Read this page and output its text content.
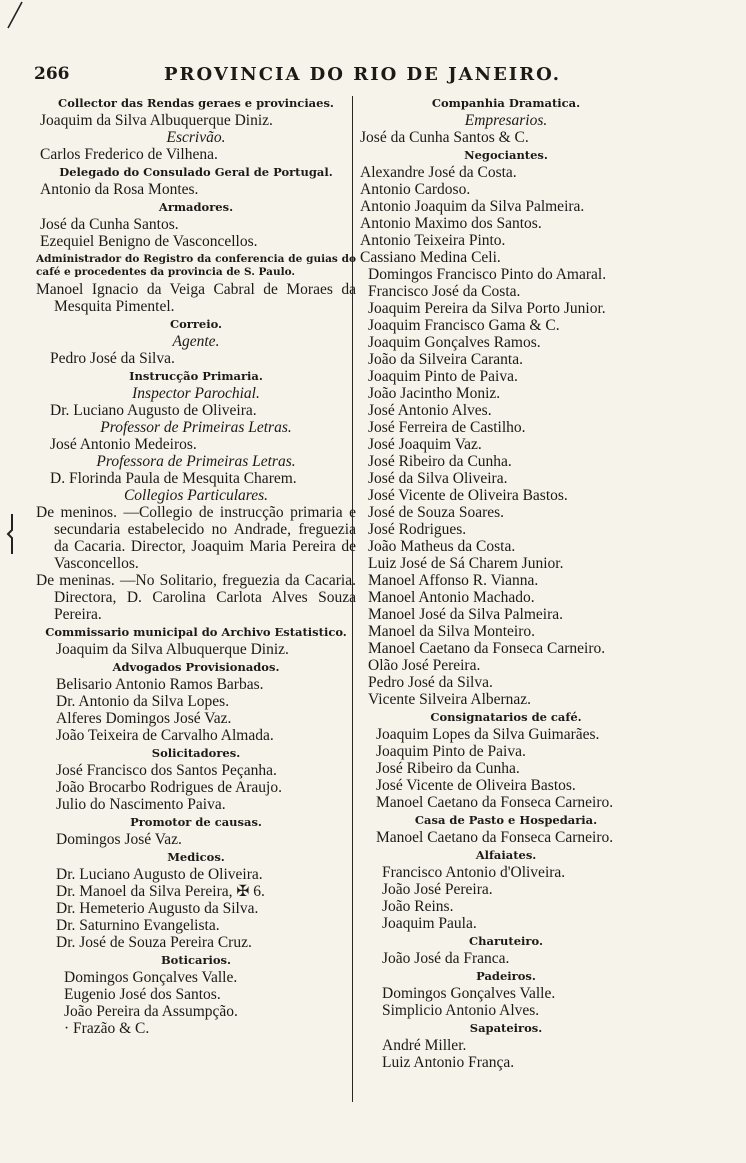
266	PROVINCIA DO RIO DE JANEIRO.
Collector das Rendas geraes e provinciaes.
Joaquim da Silva Albuquerque Diniz.
Escrivão.
Carlos Frederico de Vilhena.
Delegado do Consulado Geral de Portugal.
Antonio da Rosa Montes.
Armadores.
José da Cunha Santos.
Ezequiel Benigno de Vasconcellos.
Administrador do Registro da conferencia de guias do café e procedentes da provincia de S. Paulo.
Manoel Ignacio da Veiga Cabral de Moraes da Mesquita Pimentel.
Correio.
Agente.
Pedro José da Silva.
Instrucção Primaria.
Inspector Parochial.
Dr. Luciano Augusto de Oliveira.
Professor de Primeiras Letras.
José Antonio Medeiros.
Professora de Primeiras Letras.
D. Florinda Paula de Mesquita Charem.
Collegios Particulares.
De meninos. —Collegio de instrucção primaria e secundaria estabelecido no Andrade, freguezia da Cacaria. Director, Joaquim Maria Pereira de Vasconcellos.
De meninas. —No Solitario, freguezia da Cacaria. Directora, D. Carolina Carlota Alves Souza Pereira.
Commissario municipal do Archivo Estatistico.
Joaquim da Silva Albuquerque Diniz.
Advogados Provisionados.
Belisario Antonio Ramos Barbas.
Dr. Antonio da Silva Lopes.
Alferes Domingos José Vaz.
João Teixeira de Carvalho Almada.
Solicitadores.
José Francisco dos Santos Peçanha.
João Brocarbo Rodrigues de Araujo.
Julio do Nascimento Paiva.
Promotor de causas.
Domingos José Vaz.
Medicos.
Dr. Luciano Augusto de Oliveira.
Dr. Manoel da Silva Pereira, ✠ 6.
Dr. Hemeterio Augusto da Silva.
Dr. Saturnino Evangelista.
Dr. José de Souza Pereira Cruz.
Boticarios.
Domingos Gonçalves Valle.
Eugenio José dos Santos.
João Pereira da Assumpção.
· Frazão & C.
Companhia Dramatica.
Empresarios.
José da Cunha Santos & C.
Negociantes.
Alexandre José da Costa.
Antonio Cardoso.
Antonio Joaquim da Silva Palmeira.
Antonio Maximo dos Santos.
Antonio Teixeira Pinto.
Cassiano Medina Celi.
Domingos Francisco Pinto do Amaral.
Francisco José da Costa.
Joaquim Pereira da Silva Porto Junior.
Joaquim Francisco Gama & C.
Joaquim Gonçalves Ramos.
João da Silveira Caranta.
Joaquim Pinto de Paiva.
João Jacintho Moniz.
José Antonio Alves.
José Ferreira de Castilho.
José Joaquim Vaz.
José Ribeiro da Cunha.
José da Silva Oliveira.
José Vicente de Oliveira Bastos.
José de Souza Soares.
José Rodrigues.
João Matheus da Costa.
Luiz José de Sá Charem Junior.
Manoel Affonso R. Vianna.
Manoel Antonio Machado.
Manoel José da Silva Palmeira.
Manoel da Silva Monteiro.
Manoel Caetano da Fonseca Carneiro.
Olão José Pereira.
Pedro José da Silva.
Vicente Silveira Albernaz.
Consignatarios de café.
Joaquim Lopes da Silva Guimarães.
Joaquim Pinto de Paiva.
José Ribeiro da Cunha.
José Vicente de Oliveira Bastos.
Manoel Caetano da Fonseca Carneiro.
Casa de Pasto e Hospedaria.
Manoel Caetano da Fonseca Carneiro.
Alfaiates.
Francisco Antonio d'Oliveira.
João José Pereira.
João Reins.
Joaquim Paula.
Charuteiro.
João José da Franca.
Padeiros.
Domingos Gonçalves Valle.
Simplicio Antonio Alves.
Sapateiros.
André Miller.
Luiz Antonio França.
